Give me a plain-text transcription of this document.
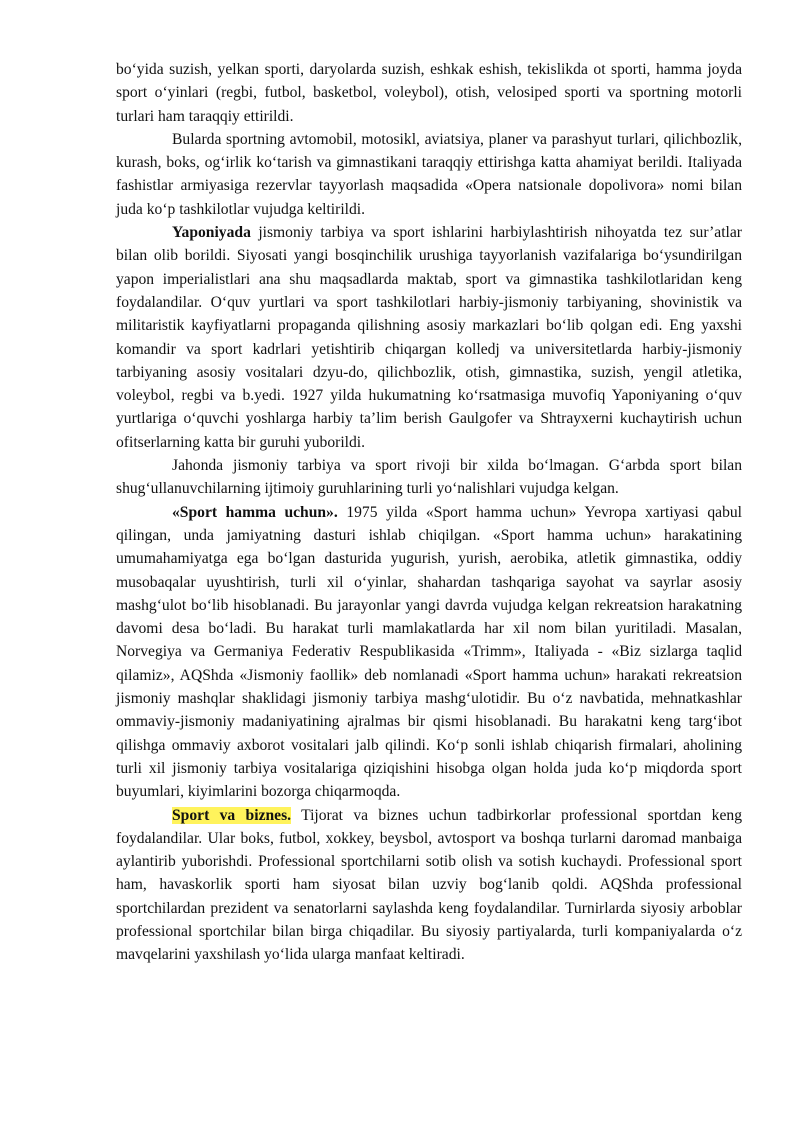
bo‘yida suzish, yelkan sporti, daryolarda suzish, eshkak eshish, tekislikda ot sporti, hamma joyda sport o‘yinlari (regbi, futbol, basketbol, voleybol), otish, velosiped sporti va sportning motorli turlari ham taraqqiy ettirildi.

Bularda sportning avtomobil, motosikl, aviatsiya, planer va parashyut turlari, qilichbozlik, kurash, boks, og‘irlik ko‘tarish va gimnastikani taraqqiy ettirishga katta ahamiyat berildi. Italiyada fashistlar armiyasiga rezervlar tayyorlash maqsadida «Opera natsionale dopolivora» nomi bilan juda ko‘p tashkilotlar vujudga keltirildi.

Yaponiyada jismoniy tarbiya va sport ishlarini harbiylashtirish nihoyatda tez sur’atlar bilan olib borildi. Siyosati yangi bosqinchilik urushiga tayyorlanish vazifalariga bo‘ysundirilgan yapon imperialistlari ana shu maqsadlarda maktab, sport va gimnastika tashkilotlaridan keng foydalandilar. O‘quv yurtlari va sport tashkilotlari harbiy-jismoniy tarbiyaning, shovinistik va militaristik kayfiyatlarni propaganda qilishning asosiy markazlari bo‘lib qolgan edi. Eng yaxshi komandir va sport kadrlari yetishtirib chiqargan kolledj va universitetlarda harbiy-jismoniy tarbiyaning asosiy vositalari dzyu-do, qilichbozlik, otish, gimnastika, suzish, yengil atletika, voleybol, regbi va b.yedi. 1927 yilda hukumatning ko‘rsatmasiga muvofiq Yaponiyaning o‘quv yurtlariga o‘quvchi yoshlarga harbiy ta’lim berish Gaulgofer va Shtrayxerni kuchaytirish uchun ofitserlarning katta bir guruhi yuborildi.

Jahonda jismoniy tarbiya va sport rivoji bir xilda bo‘lmagan. G‘arbda sport bilan shug‘ullanuvchilarning ijtimoiy guruhlarining turli yo‘nalishlari vujudga kelgan.

«Sport hamma uchun». 1975 yilda «Sport hamma uchun» Yevropa xartiyasi qabul qilingan, unda jamiyatning dasturi ishlab chiqilgan. «Sport hamma uchun» harakatining umumahamiyatga ega bo‘lgan dasturida yugurish, yurish, aerobika, atletik gimnastika, oddiy musobaqalar uyushtirish, turli xil o‘yinlar, shahardan tashqariga sayohat va sayrlar asosiy mashg‘ulot bo‘lib hisoblanadi. Bu jarayonlar yangi davrda vujudga kelgan rekreatsion harakatning davomi desa bo‘ladi. Bu harakat turli mamlakatlarda har xil nom bilan yuritiladi. Masalan, Norvegiya va Germaniya Federativ Respublikasida «Trimm», Italiyada - «Biz sizlarga taqlid qilamiz», AQShda «Jismoniy faollik» deb nomlanadi «Sport hamma uchun» harakati rekreatsion jismoniy mashqlar shaklidagi jismoniy tarbiya mashg‘ulotidir. Bu o‘z navbatida, mehnatkashlar ommaviy-jismoniy madaniyatining ajralmas bir qismi hisoblanadi. Bu harakatni keng targ‘ibot qilishga ommaviy axborot vositalari jalb qilindi. Ko‘p sonli ishlab chiqarish firmalari, aholining turli xil jismoniy tarbiya vositalariga qiziqishini hisobga olgan holda juda ko‘p miqdorda sport buyumlari, kiyimlarini bozorga chiqarmoqda.

Sport va biznes. Tijorat va biznes uchun tadbirkorlar professional sportdan keng foydalandilar. Ular boks, futbol, xokkey, beysbol, avtosport va boshqa turlarni daromad manbaiga aylantirib yuborishdi. Professional sportchilarni sotib olish va sotish kuchaydi. Professional sport ham, havaskorlik sporti ham siyosat bilan uzviy bog‘lanib qoldi. AQShda professional sportchilardan prezident va senatorlarni saylashda keng foydalandilar. Turnirlarda siyosiy arboblar professional sportchilar bilan birga chiqadilar. Bu siyosiy partiyalarda, turli kompaniyalarda o‘z mavqelarini yaxshilash yo‘lida ularga manfaat keltiradi.
